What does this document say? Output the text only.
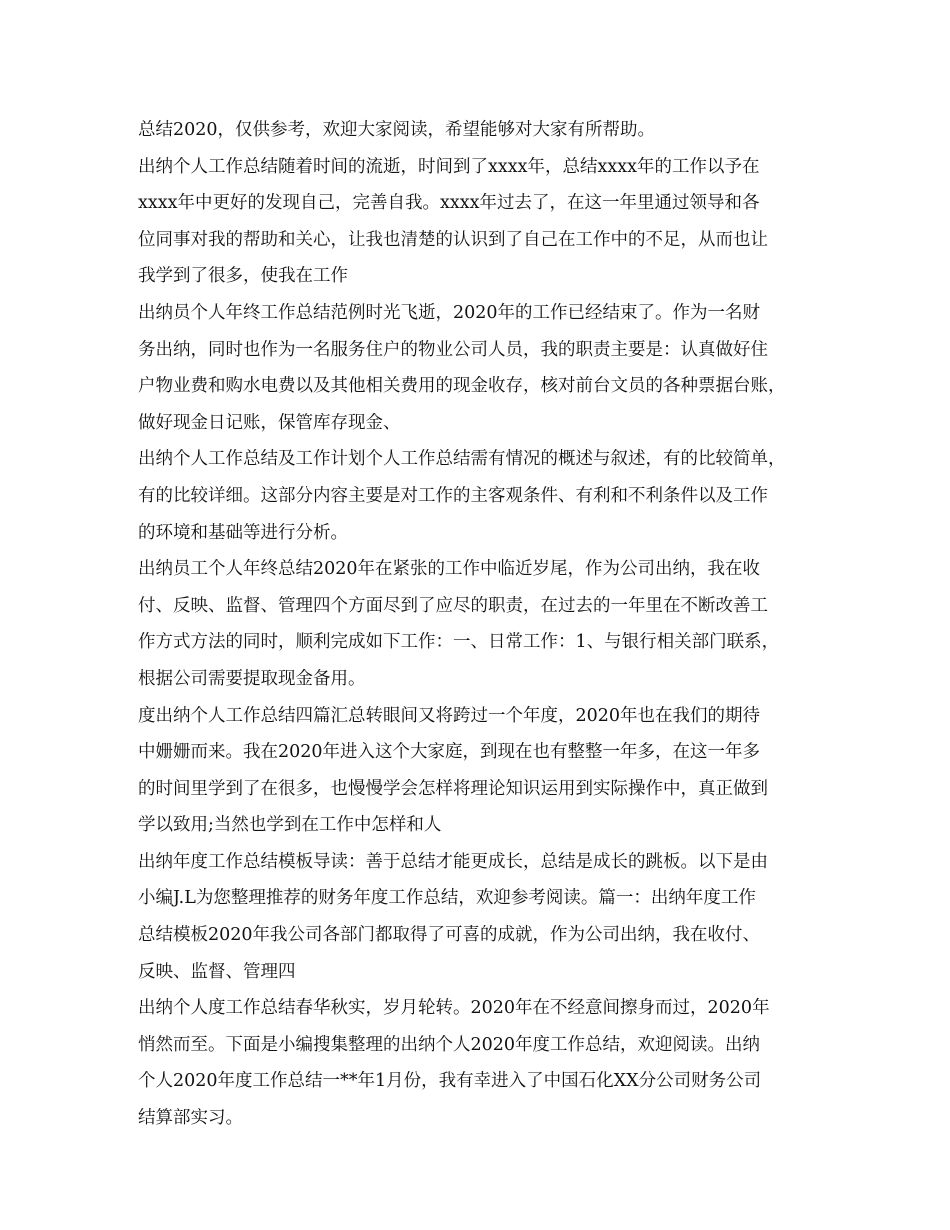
总结2020，仅供参考，欢迎大家阅读，希望能够对大家有所帮助。
出纳个人工作总结随着时间的流逝，时间到了xxxx年，总结xxxx年的工作以予在
xxxx年中更好的发现自己，完善自我。xxxx年过去了，在这一年里通过领导和各
位同事对我的帮助和关心，让我也清楚的认识到了自己在工作中的不足，从而也让
我学到了很多，使我在工作
出纳员个人年终工作总结范例时光飞逝，2020年的工作已经结束了。作为一名财
务出纳，同时也作为一名服务住户的物业公司人员，我的职责主要是：认真做好住
户物业费和购水电费以及其他相关费用的现金收存，核对前台文员的各种票据台账，
做好现金日记账，保管库存现金、
出纳个人工作总结及工作计划个人工作总结需有情况的概述与叙述，有的比较简单，
有的比较详细。这部分内容主要是对工作的主客观条件、有利和不利条件以及工作
的环境和基础等进行分析。
出纳员工个人年终总结2020年在紧张的工作中临近岁尾，作为公司出纳，我在收
付、反映、监督、管理四个方面尽到了应尽的职责，在过去的一年里在不断改善工
作方式方法的同时，顺利完成如下工作：一、日常工作：1、与银行相关部门联系，
根据公司需要提取现金备用。
度出纳个人工作总结四篇汇总转眼间又将跨过一个年度，2020年也在我们的期待
中姗姗而来。我在2020年进入这个大家庭，到现在也有整整一年多，在这一年多
的时间里学到了在很多，也慢慢学会怎样将理论知识运用到实际操作中，真正做到
学以致用;当然也学到在工作中怎样和人
出纳年度工作总结模板导读：善于总结才能更成长，总结是成长的跳板。以下是由
小编J.L为您整理推荐的财务年度工作总结，欢迎参考阅读。篇一：出纳年度工作
总结模板2020年我公司各部门都取得了可喜的成就，作为公司出纳，我在收付、
反映、监督、管理四
出纳个人度工作总结春华秋实，岁月轮转。2020年在不经意间擦身而过，2020年
悄然而至。下面是小编搜集整理的出纳个人2020年度工作总结，欢迎阅读。出纳
个人2020年度工作总结一**年1月份，我有幸进入了中国石化XX分公司财务公司
结算部实习。
